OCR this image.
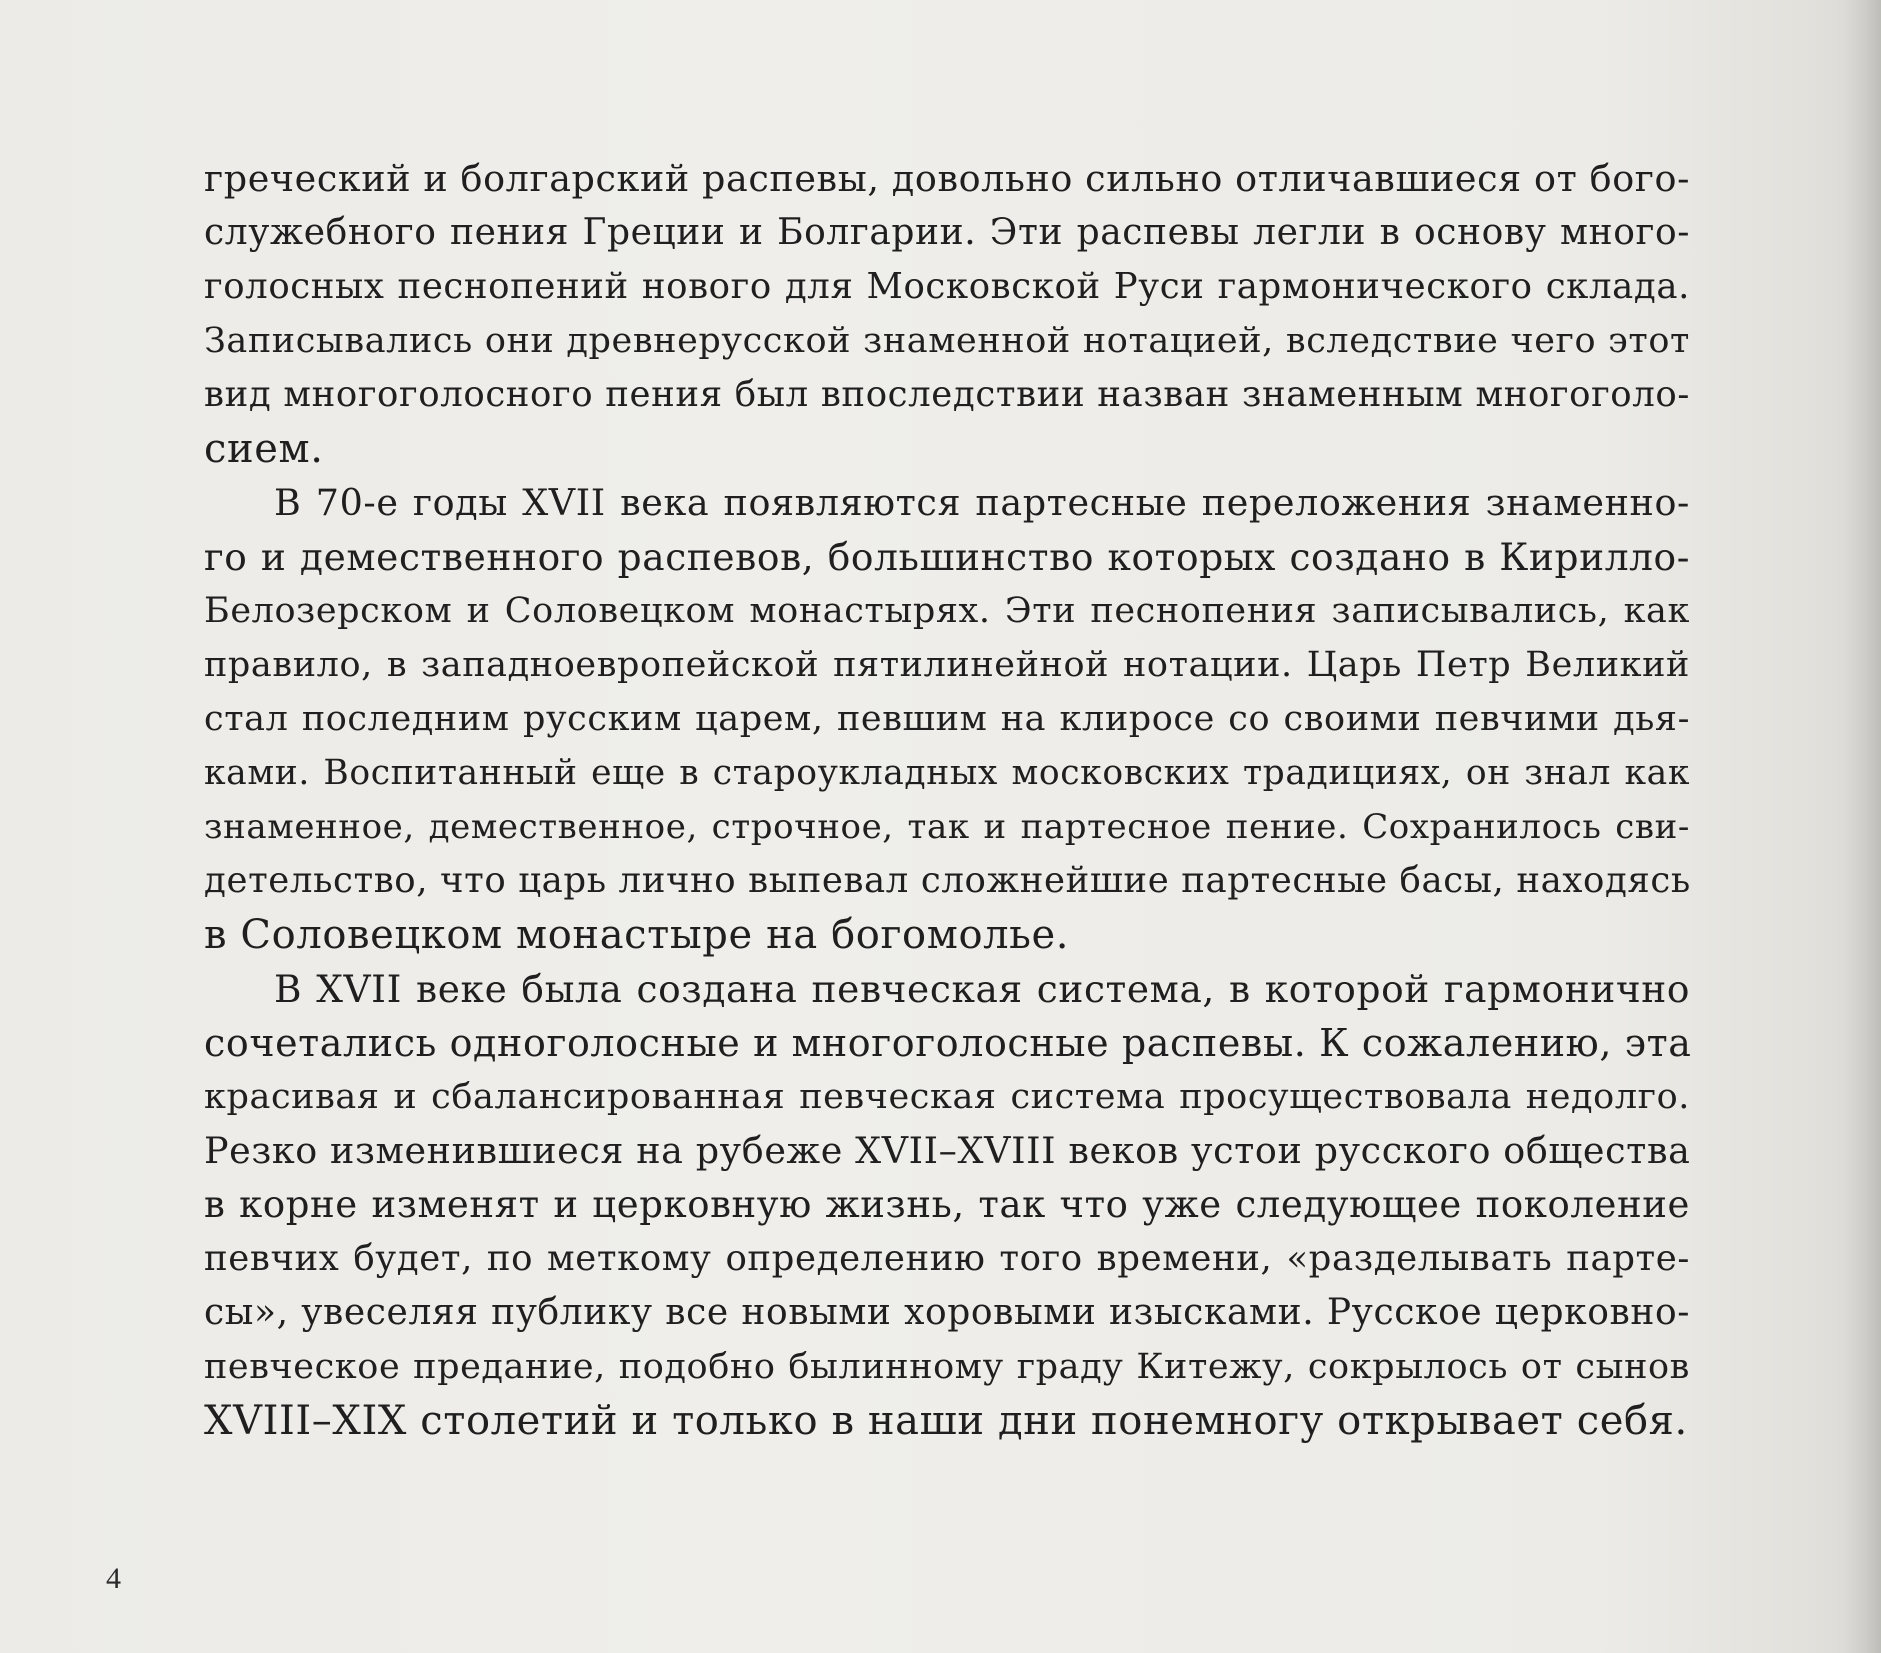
греческий и болгарский распевы, довольно сильно отличавшиеся от бого-
служебного пения Греции и Болгарии. Эти распевы легли в основу много-
голосных песнопений нового для Московской Руси гармонического склада.
Записывались они древнерусской знаменной нотацией, вследствие чего этот
вид многоголосного пения был впоследствии назван знаменным многоголо-
сием.
В 70-е годы XVII века появляются партесные переложения знаменно-
го и демественного распевов, большинство которых создано в Кирилло-
Белозерском и Соловецком монастырях. Эти песнопения записывались, как
правило, в западноевропейской пятилинейной нотации. Царь Петр Великий
стал последним русским царем, певшим на клиросе со своими певчими дья-
ками. Воспитанный еще в староукладных московских традициях, он знал как
знаменное, демественное, строчное, так и партесное пение. Сохранилось сви-
детельство, что царь лично выпевал сложнейшие партесные басы, находясь
в Соловецком монастыре на богомолье.
В XVII веке была создана певческая система, в которой гармонично
сочетались одноголосные и многоголосные распевы. К сожалению, эта
красивая и сбалансированная певческая система просуществовала недолго.
Резко изменившиеся на рубеже XVII–XVIII веков устои русского общества
в корне изменят и церковную жизнь, так что уже следующее поколение
певчих будет, по меткому определению того времени, «разделывать парте-
сы», увеселяя публику все новыми хоровыми изысками. Русское церковно-
певческое предание, подобно былинному граду Китежу, сокрылось от сынов
XVIII–XIX столетий и только в наши дни понемногу открывает себя.
4
